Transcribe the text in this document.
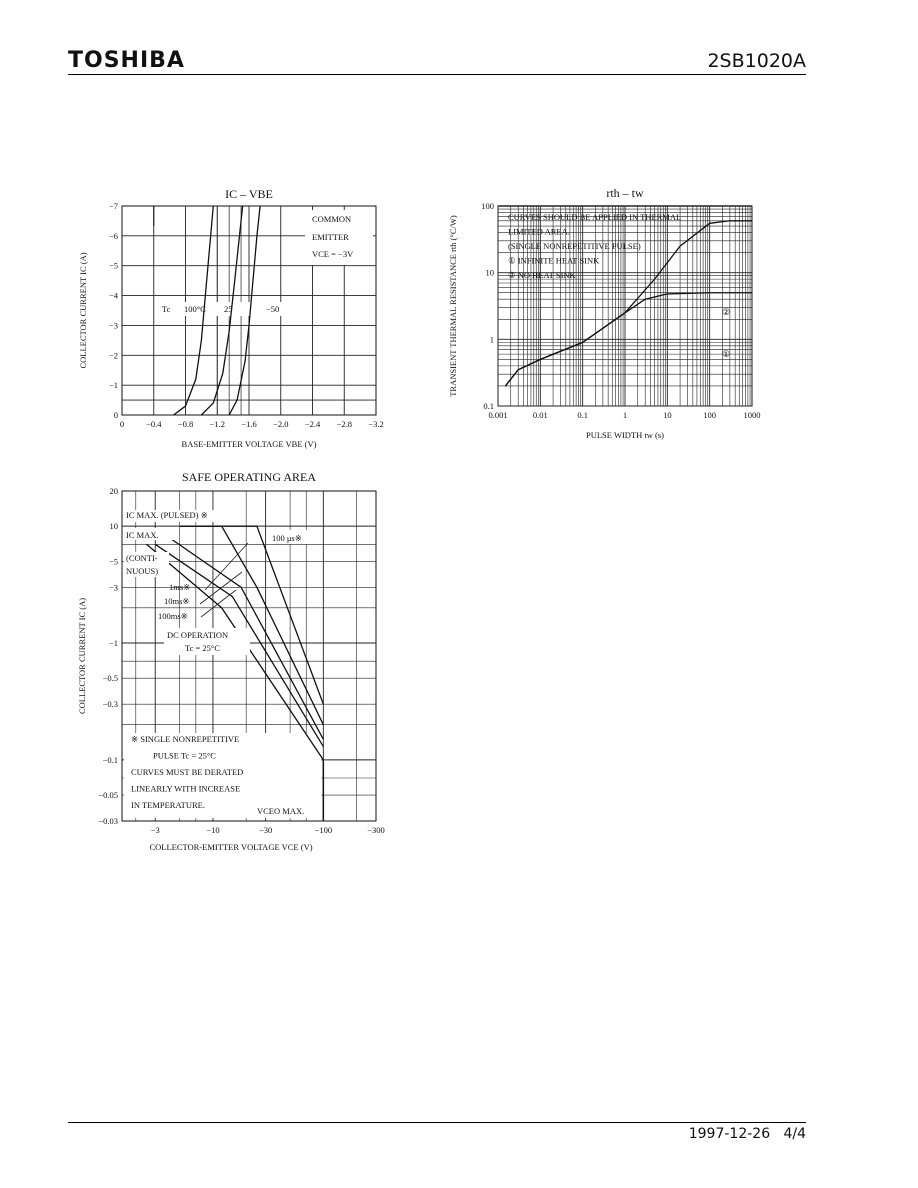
TOSHIBA	2SB1020A
1997-12-26 4/4
0	−0.4 −0.8 −1.2 −1.6 −2.0 −2.4 −2.8 −3.2
0
−1
−2
−3
−4
−5
−6
−7
IC – VBE
BASE-EMITTER VOLTAGE VBE (V)
COLLECTOR CURRENT IC (A)
COMMON
EMITTER
VCE = −3V
Tc 100°C 25	−50
CURVES SHOULD BE APPLIED IN THERMAL
LIMITED AREA.
(SINGLE NONREPETITIVE PULSE)
① INFINITE HEAT SINK
② NO HEAT SINK
0.001	0.01	0.1	1	10	100	1000
0.1
1
10
100
rth – tw
PULSE WIDTH tw (s)
TRANSIENT THERMAL RESISTANCE rth (°C/W)	①
②
−3	−10	−30	−100	−300
20
10
−5
−3
−1
−0.5
−0.3
−0.1
−0.05
−0.03
SAFE OPERATING AREA
COLLECTOR-EMITTER VOLTAGE VCE (V)
COLLECTOR CURRENT IC (A)
IC MAX. (PULSED) ※
IC MAX.
(CONTI-
NUOUS)
100 μs※
1ms※
10ms※
100ms※
DC OPERATION
Tc = 25°C
VCEO MAX.
※ SINGLE NONREPETITIVE
PULSE Tc = 25°C
CURVES MUST BE DERATED
LINEARLY WITH INCREASE
IN TEMPERATURE.
